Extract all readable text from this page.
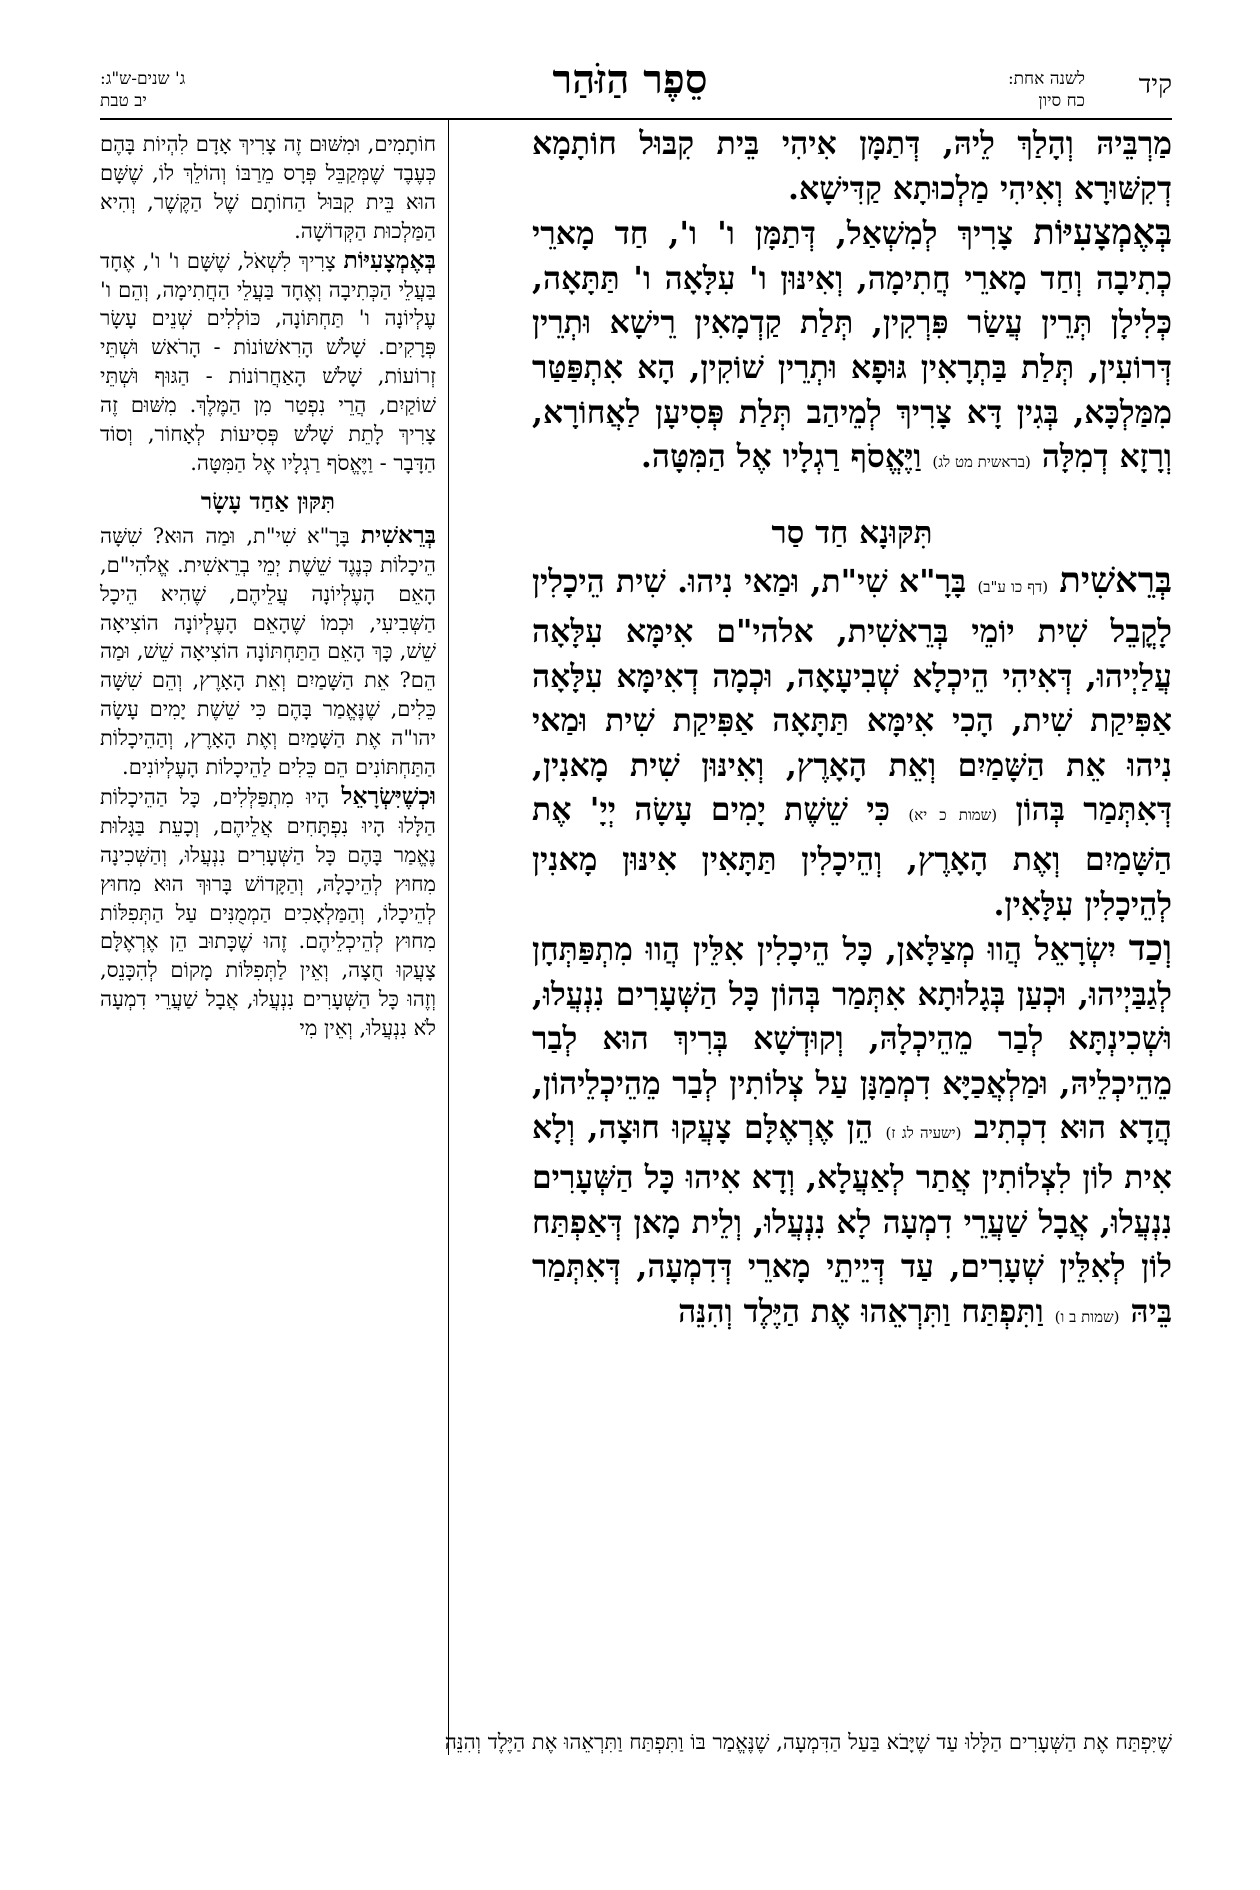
קיד
לשנה אחת:
כח סיון
סֵפֶר הַזֹּהַר
ג' שנים-ש"ג:
יב טבת

מַרְבֵּיהּ וְהָלַךְ לֵיהּ, דְּתַמָּן אִיהִי בֵּית קִבּוּל חוֹתָמָא דְקִשּׁוּרָא וְאִיהִי מַלְכוּתָא קַדִּישָׁא.

בְּאֶמְצָעִיּוֹת צָרִיךְ לְמִשְׁאַל, דְּתַמָּן ו' ו', חַד מָארֵי כְתִיבָה וְחַד מָארֵי חֲתִימָה, וְאִינּוּן ו' עִלָּאָה ו' תַּתָּאָה, כְּלִילָן תְּרֵין עֲשַׂר פִּרְקִין, תְּלַת קַדְמָאִין רֵישָׁא וּתְרֵין דְּרוֹעִין, תְּלַת בַּתְרָאִין גּוּפָא וּתְרֵין שׁוֹקִין, הָא אִתְפַּטַּר מִמַּלְכָּא, בְּגִין דָּא צָרִיךְ לְמֵיהַב תְּלַת פְּסִיעָן לַאֲחוֹרָא, וְרָזָא דְמִלָּה (בראשית מט לג) וַיֶּאֱסֹף רַגְלָיו אֶל הַמִּטָּה.

תִּקּוּנָא חַד סַר

בְּרֵאשִׁית (דף כו ע"ב) בָּרָ"א שִׁי"ת, וּמַאי נִיהוּ. שִׁית הֵיכָלִין לָקֳבֵל שִׁית יוֹמֵי בְּרֵאשִׁית, אלהי"ם אִימָּא עִלָּאָה עֲלַיְיהוּ, דְּאִיהִי הֵיכְלָא שְׁבִיעָאָה, וּכְמָה דְאִימָּא עִלָּאָה אַפִּיקַת שִׁית, הָכִי אִימָּא תַּתָּאָה אַפִּיקַת שִׁית וּמַאי נִיהוּ אֵת הַשָּׁמַיִם וְאֵת הָאָרֶץ, וְאִינּוּן שִׁית מָאנִין, דְּאִתְּמַר בְּהוֹן (שמות כ יא) כִּי שֵׁשֶׁת יָמִים עָשָׂה יְיָ' אֶת הַשָּׁמַיִם וְאֶת הָאָרֶץ, וְהֵיכָלִין תַּתָּאִין אִינּוּן מָאנִין לְהֵיכָלִין עִלָּאִין.

וְכַד יִשְׂרָאֵל הֲווּ מְצַלָּאן, כָּל הֵיכָלִין אִלֵּין הֲווּ מִתְפַּתְּחָן לְגַבַּיְיהוּ, וּכְעַן בְּגָלוּתָא אִתְּמַר בְּהוֹן כָּל הַשְּׁעָרִים נִנְעֲלוּ, וּשְׁכִינְתָּא לְבַר מֵהֵיכְלָהּ, וְקוּדְשָׁא בְּרִיךְ הוּא לְבַר מֵהֵיכְלֵיהּ, וּמַלְאֲכַיָּא דִמְמַנָּן עַל צְלוֹתִין לְבַר מֵהֵיכְלֵיהוֹן, הֲדָא הוּא דִכְתִיב (ישעיה לג ז) הֵן אֶרְאֶלָּם צָעֲקוּ חוּצָה, וְלָא אִית לוֹן לִצְלוֹתִין אֲתַר לְאַעֲלָא, וְדָא אִיהוּ כָּל הַשְּׁעָרִים נִנְעֲלוּ, אֲבָל שַׁעֲרֵי דִמְעָה לָא נִנְעֲלוּ, וְלֵית מָאן דְּאַפְתַּח לוֹן לְאִלֵּין שְׁעָרִים, עַד דְּיֵיתֵי מָארֵי דְּדִמְעָה, דְּאִתְּמַר בֵּיהּ (שמות ב ו) וַתִּפְתַּח וַתִּרְאֵהוּ אֶת הַיֶּלֶד וְהִנֵּה

חוֹתָמִים, וּמִשּׁוּם זֶה צָרִיךְ אָדָם לִהְיוֹת בָּהֶם כְּעֶבֶד שֶׁמְּקַבֵּל פְּרָס מֵרַבּוֹ וְהוֹלֵךְ לוֹ, שֶׁשָּׁם הוּא בֵּית קִבּוּל הַחוֹתָם שֶׁל הַקֶּשֶׁר, וְהִיא הַמַּלְכוּת הַקְּדוֹשָׁה.

בְּאֶמְצָעִיּוֹת צָרִיךְ לִשְׁאֹל, שֶׁשָּׁם ו' ו', אֶחָד בַּעֲלֵי הַכְּתִיבָה וְאֶחָד בַּעֲלֵי הַחֲתִימָה, וְהֵם ו' עֶלְיוֹנָה ו' תַּחְתּוֹנָה, כּוֹלְלִים שְׁנֵים עָשָׂר פְּרָקִים. שָׁלֹשׁ הָרִאשׁוֹנוֹת - הָרֹאשׁ וּשְׁתֵּי זְרוֹעוֹת, שָׁלֹשׁ הָאַחֲרוֹנוֹת - הַגּוּף וּשְׁתֵּי שׁוֹקַיִם, הֲרֵי נִפְטַר מִן הַמֶּלֶךְ. מִשּׁוּם זֶה צָרִיךְ לָתֵת שָׁלֹשׁ פְּסִיעוֹת לְאָחוֹר, וְסוֹד הַדָּבָר - וַיֶּאֱסֹף רַגְלָיו אֶל הַמִּטָּה.

תִּקּוּן אַחַד עָשָׂר

בְּרֵאשִׁית בָּרָ"א שִׁי"ת, וּמַה הוּא? שִׁשָּׁה הֵיכָלוֹת כְּנֶגֶד שֵׁשֶׁת יְמֵי בְרֵאשִׁית. אֱלֹהִי"ם, הָאֵם הָעֶלְיוֹנָה עֲלֵיהֶם, שֶׁהִיא הֵיכָל הַשְּׁבִיעִי, וּכְמוֹ שֶׁהָאֵם הָעֶלְיוֹנָה הוֹצִיאָה שֵׁשׁ, כָּךְ הָאֵם הַתַּחְתּוֹנָה הוֹצִיאָה שֵׁשׁ, וּמַה הֵם? אֵת הַשָּׁמַיִם וְאֵת הָאָרֶץ, וְהֵם שִׁשָּׁה כֵּלִים, שֶׁנֶּאֱמַר בָּהֶם כִּי שֵׁשֶׁת יָמִים עָשָׂה יהו"ה אֶת הַשָּׁמַיִם וְאֶת הָאָרֶץ, וְהַהֵיכָלוֹת הַתַּחְתּוֹנִים הֵם כֵּלִים לַהֵיכָלוֹת הָעֶלְיוֹנִים.

וּכְשֶׁיִּשְׂרָאֵל הָיוּ מִתְפַּלְּלִים, כָּל הַהֵיכָלוֹת הַלָּלוּ הָיוּ נִפְתָּחִים אֲלֵיהֶם, וְכָעֵת בַּגָּלוּת נֶאֱמַר בָּהֶם כָּל הַשְּׁעָרִים נִנְעֲלוּ, וְהַשְּׁכִינָה מִחוּץ לְהֵיכָלָהּ, וְהַקָּדוֹשׁ בָּרוּךְ הוּא מִחוּץ לְהֵיכָלוֹ, וְהַמַּלְאָכִים הַמְמֻנִּים עַל הַתְּפִלּוֹת מִחוּץ לְהֵיכְלֵיהֶם. זֶהוּ שֶׁכָּתוּב הֵן אֶרְאֶלָּם צָעֲקוּ חֻצָה, וְאֵין לַתְּפִלּוֹת מָקוֹם לְהִכָּנֵס, וְזֶהוּ כָּל הַשְּׁעָרִים נִנְעֲלוּ, אֲבָל שַׁעֲרֵי דִמְעָה לֹא נִנְעֲלוּ, וְאֵין מִי

שֶׁיִּפְתַּח אֶת הַשְּׁעָרִים הַלָּלוּ עַד שֶׁיָּבֹא בַּעַל הַדִּמְעָה, שֶׁנֶּאֱמַר בּוֹ וַתִּפְתַּח וַתִּרְאֵהוּ אֶת הַיֶּלֶד וְהִנֵּה
